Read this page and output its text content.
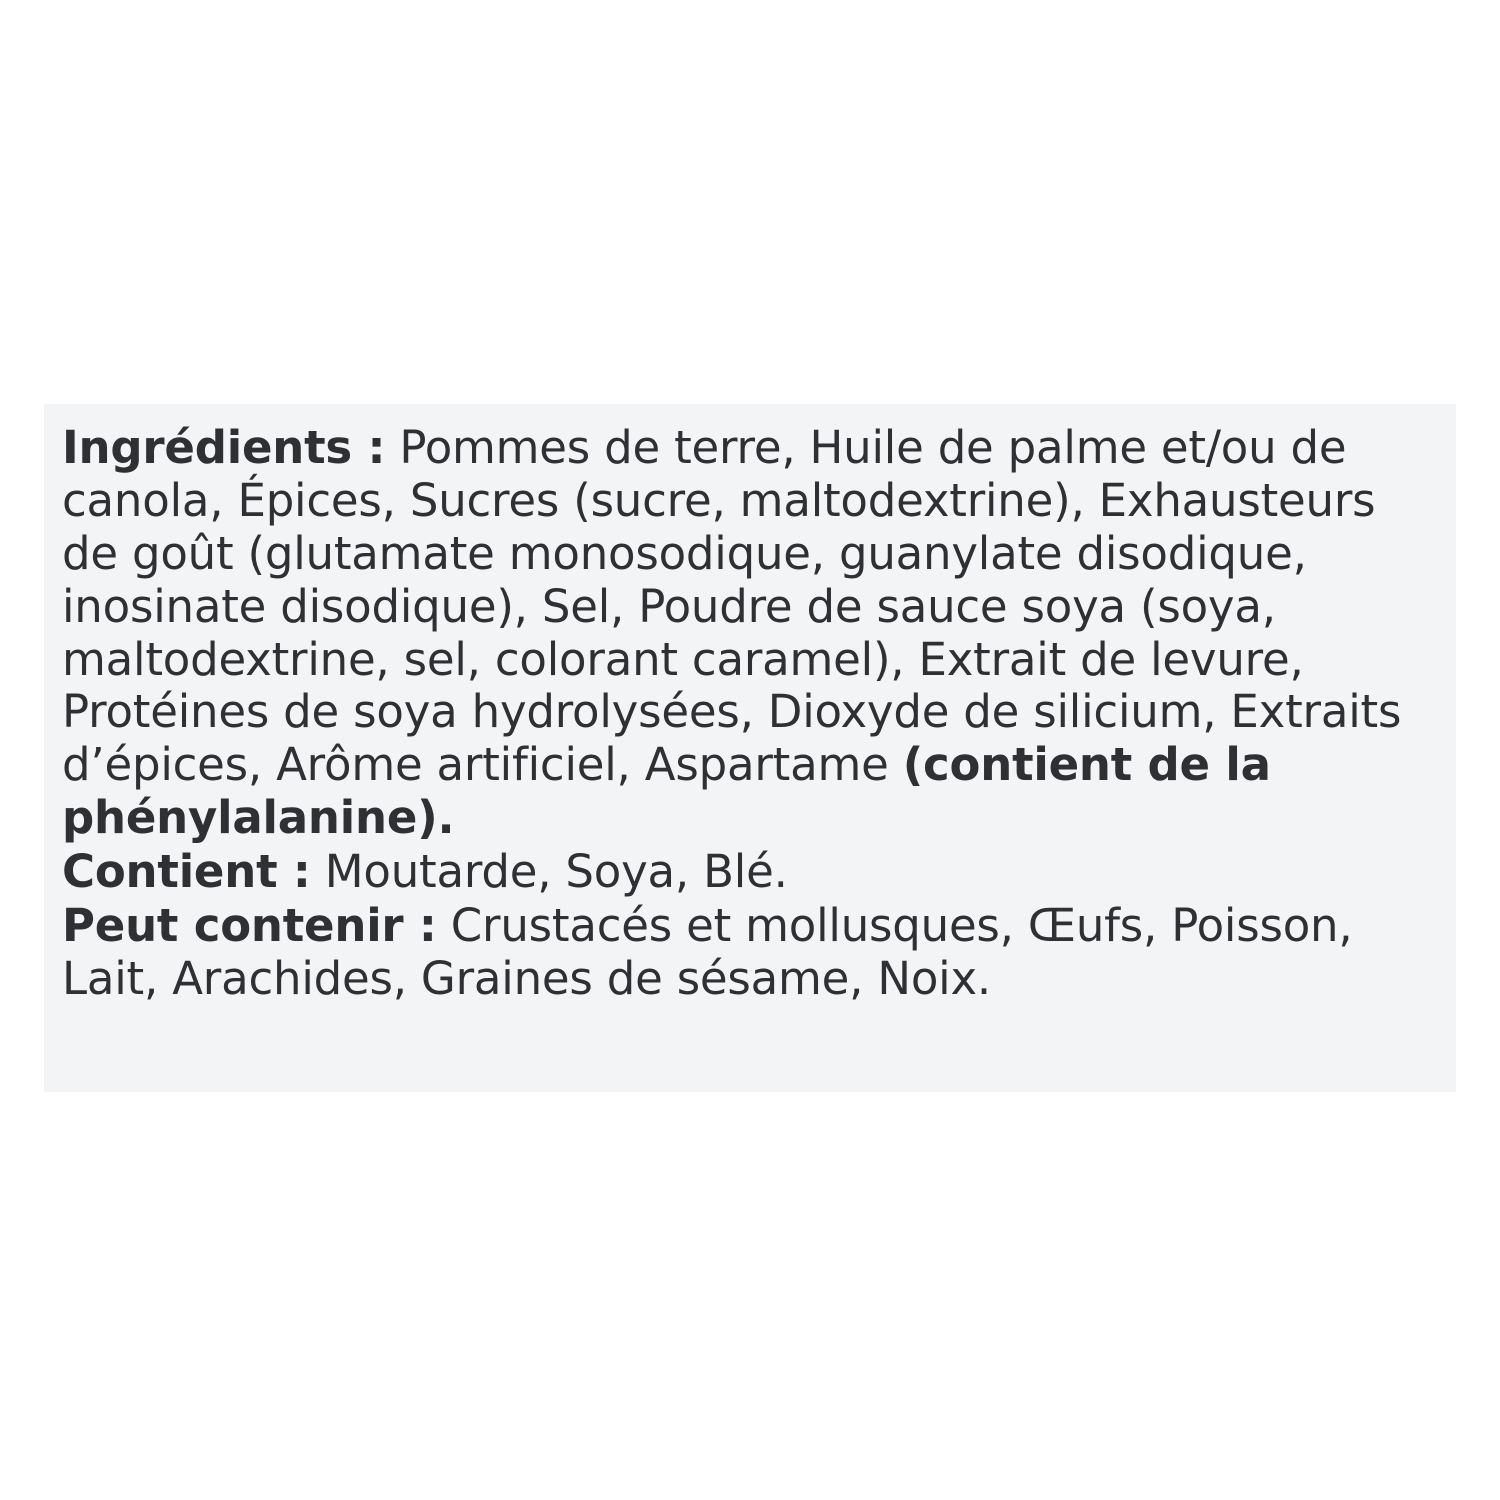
Ingrédients : Pommes de terre, Huile de palme et/ou de canola, Épices, Sucres (sucre, maltodextrine), Exhausteurs de goût (glutamate monosodique, guanylate disodique, inosinate disodique), Sel, Poudre de sauce soya (soya, maltodextrine, sel, colorant caramel), Extrait de levure, Protéines de soya hydrolysées, Dioxyde de silicium, Extraits d’épices, Arôme artificiel, Aspartame (contient de la phénylalanine).

Contient : Moutarde, Soya, Blé.

Peut contenir : Crustacés et mollusques, Œufs, Poisson, Lait, Arachides, Graines de sésame, Noix.
